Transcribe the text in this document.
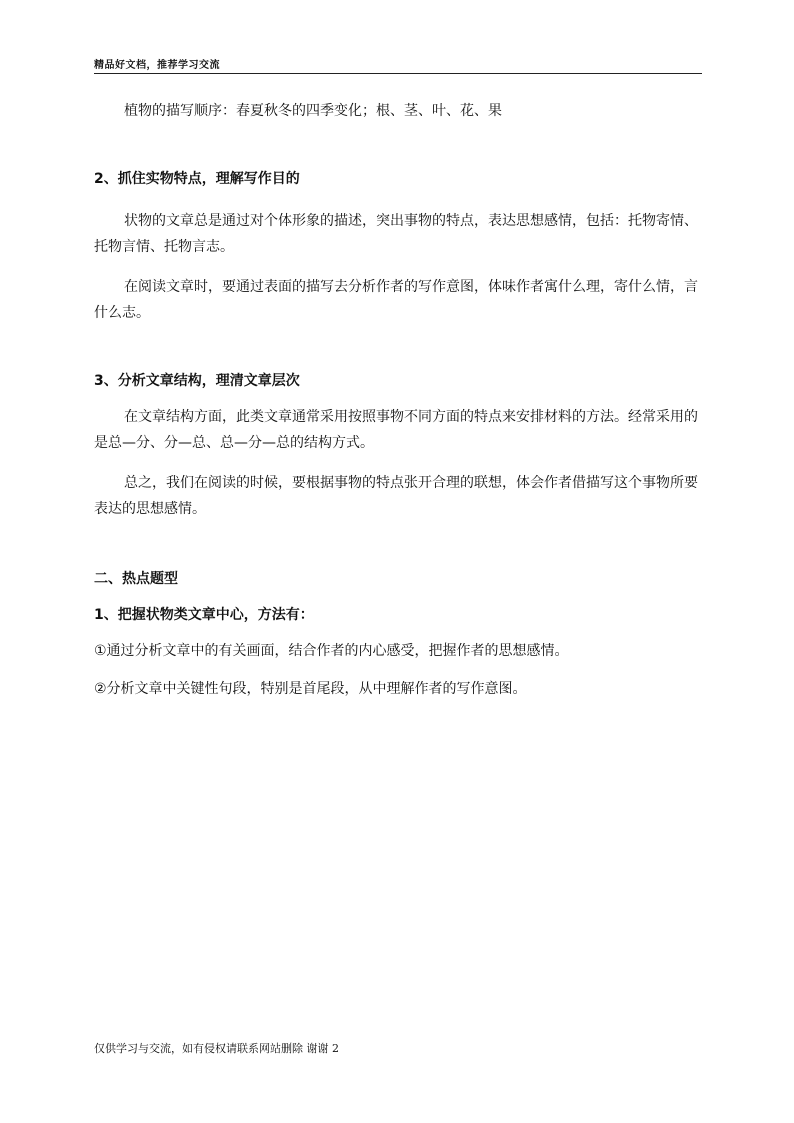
精品好文档，推荐学习交流

植物的描写顺序：春夏秋冬的四季变化；根、茎、叶、花、果

2、抓住实物特点，理解写作目的

状物的文章总是通过对个体形象的描述，突出事物的特点，表达思想感情，包括：托物寄情、托物言情、托物言志。

在阅读文章时，要通过表面的描写去分析作者的写作意图，体味作者寓什么理，寄什么情，言什么志。

3、分析文章结构，理清文章层次

在文章结构方面，此类文章通常采用按照事物不同方面的特点来安排材料的方法。经常采用的是总—分、分—总、总—分—总的结构方式。

总之，我们在阅读的时候，要根据事物的特点张开合理的联想，体会作者借描写这个事物所要表达的思想感情。

二、热点题型
1、把握状物类文章中心，方法有：

①通过分析文章中的有关画面，结合作者的内心感受，把握作者的思想感情。

②分析文章中关键性句段，特别是首尾段，从中理解作者的写作意图。

仅供学习与交流，如有侵权请联系网站删除 谢谢 2
